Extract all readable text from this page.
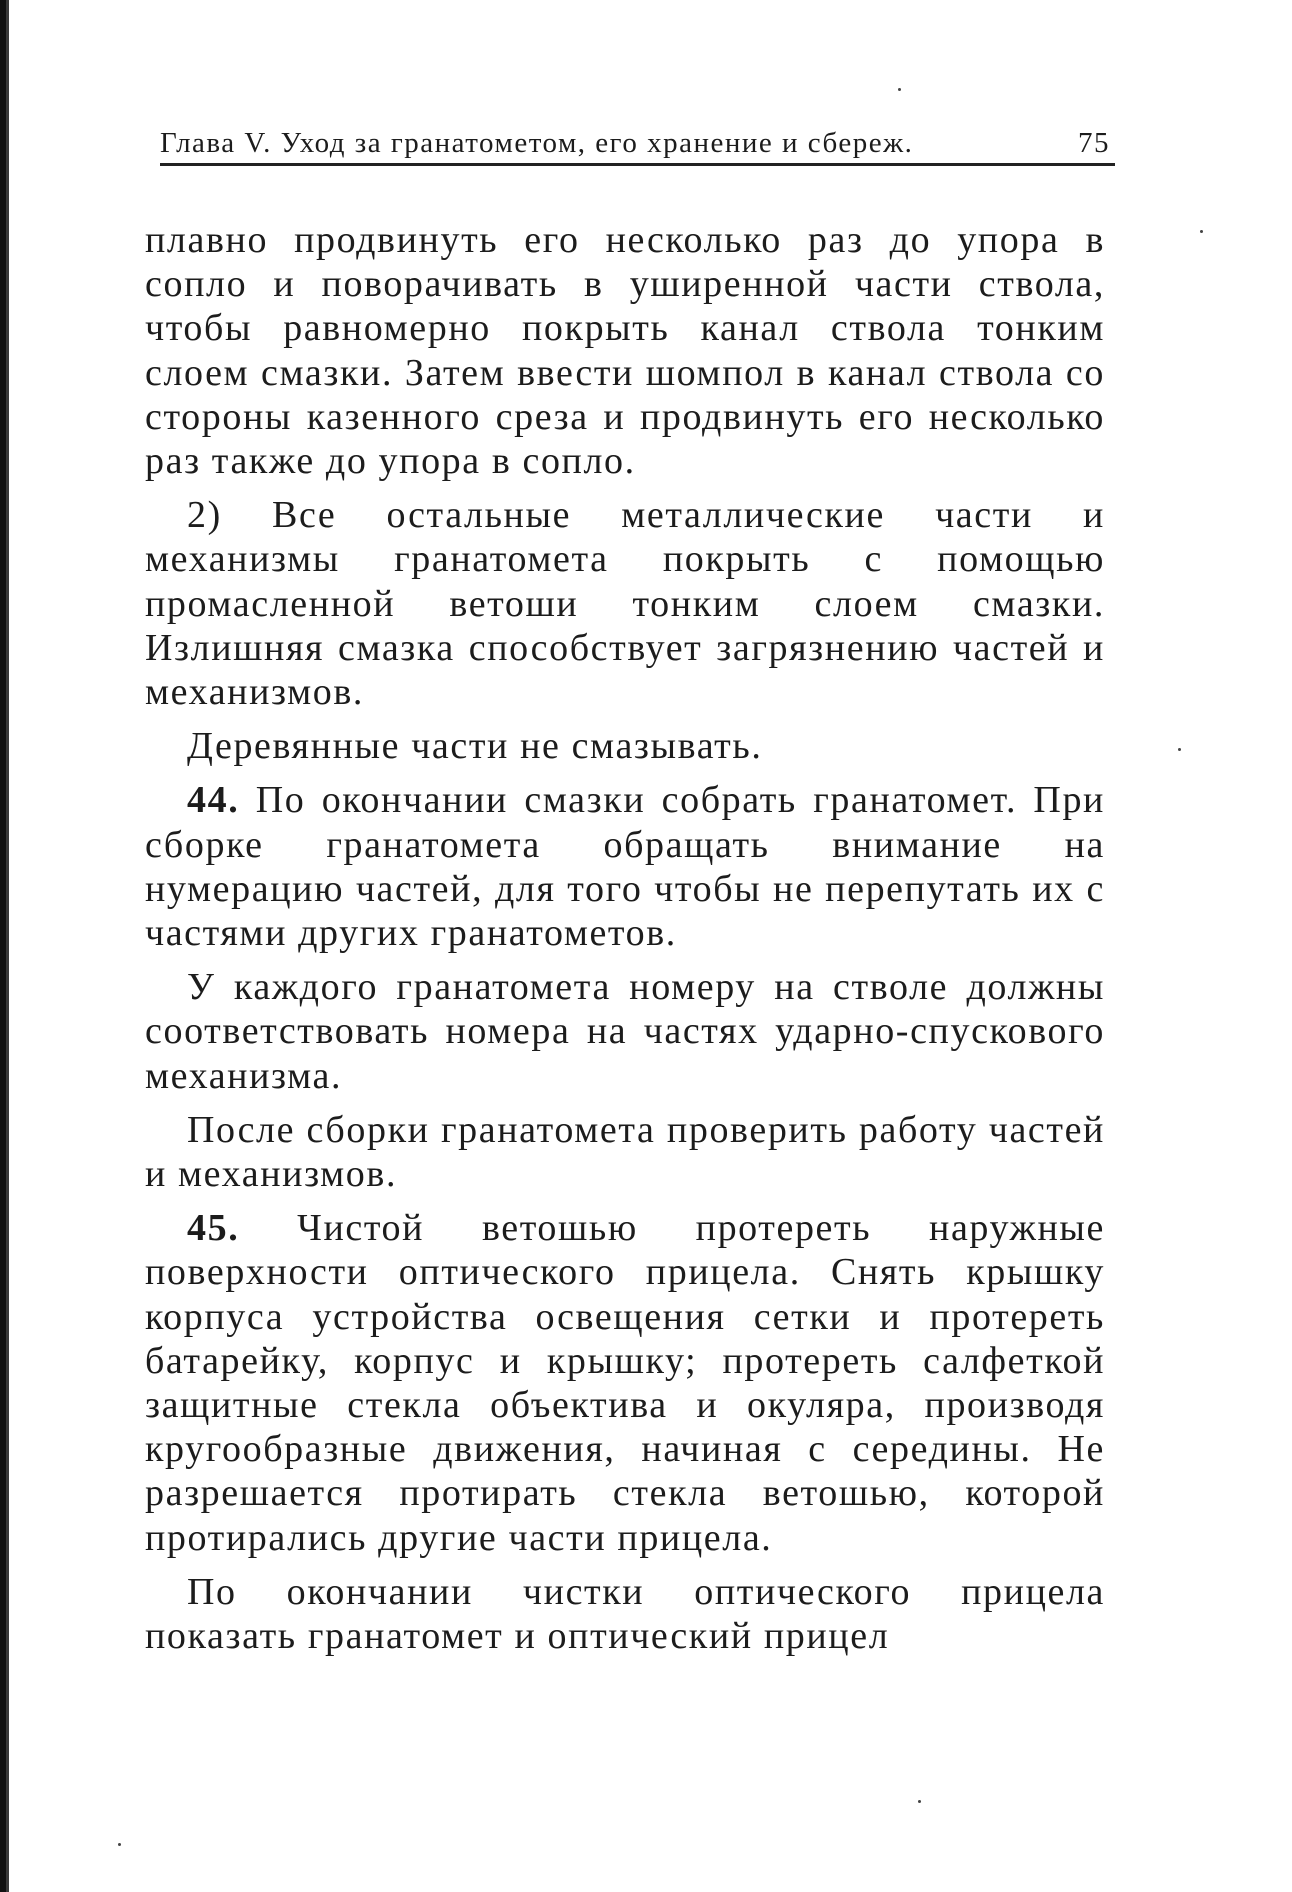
Глава V. Уход за гранатометом, его хранение и сбереж.	75

плавно продвинуть его несколько раз до упора в сопло и поворачивать в уширенной части ствола, чтобы равномерно покрыть канал ствола тонким слоем смазки. Затем ввести шомпол в канал ствола со стороны казенного среза и продвинуть его несколько раз также до упора в сопло.

2) Все остальные металлические части и механизмы гранатомета покрыть с помощью промасленной ветоши тонким слоем смазки. Излишняя смазка способствует загрязнению частей и механизмов.

Деревянные части не смазывать.

44. По окончании смазки собрать гранатомет. При сборке гранатомета обращать внимание на нумерацию частей, для того чтобы не перепутать их с частями других гранатометов.

У каждого гранатомета номеру на стволе должны соответствовать номера на частях ударно-спускового механизма.

После сборки гранатомета проверить работу частей и механизмов.

45. Чистой ветошью протереть наружные поверхности оптического прицела. Снять крышку корпуса устройства освещения сетки и протереть батарейку, корпус и крышку; протереть салфеткой защитные стекла объектива и окуляра, производя кругообразные движения, начиная с середины. Не разрешается протирать стекла ветошью, которой протирались другие части прицела.

По окончании чистки оптического прицела показать гранатомет и оптический прицел
